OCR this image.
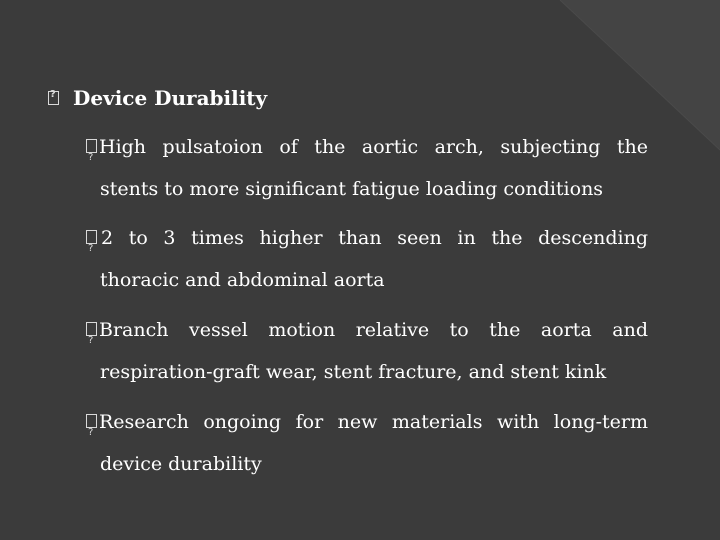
?
Device Durability
?
High pulsatoion of the aortic arch, subjecting the
stents to more significant fatigue loading conditions
?
2 to 3 times higher than seen in the descending
thoracic and abdominal aorta
?
Branch vessel motion relative to the aorta and
respiration-graft wear, stent fracture, and stent kink
?
Research ongoing for new materials with long-term
device durability
